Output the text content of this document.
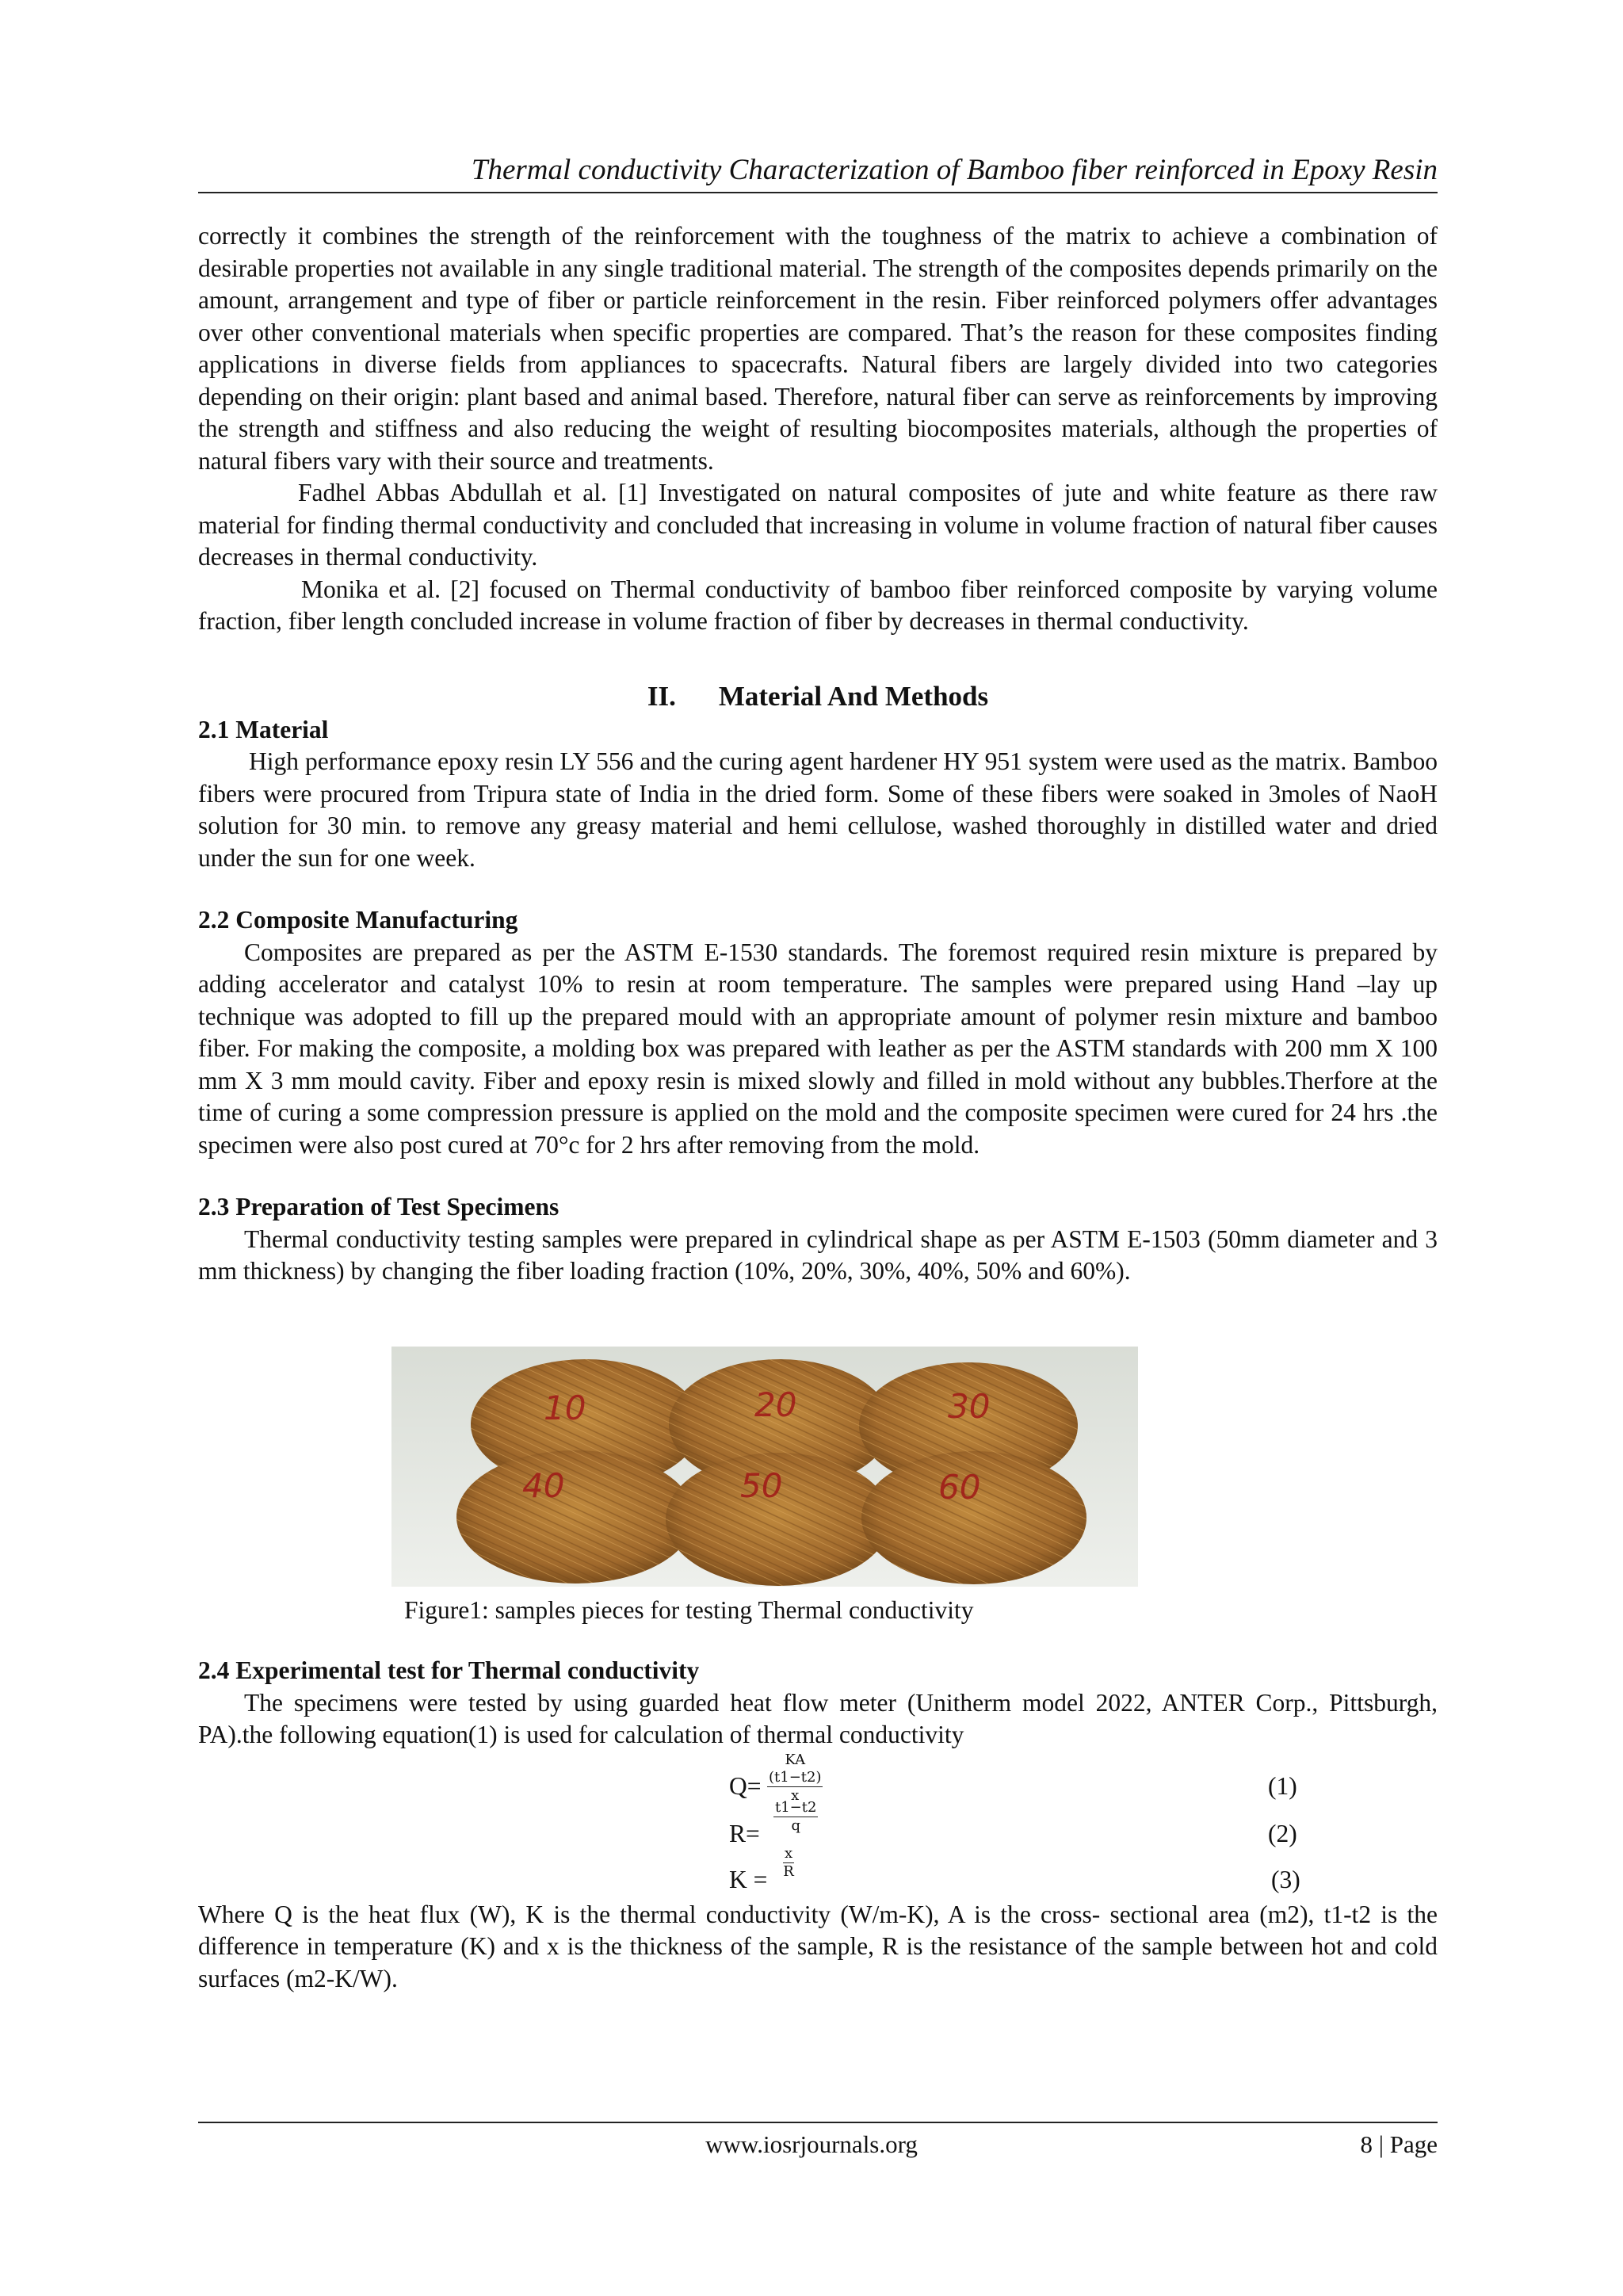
Thermal conductivity Characterization of Bamboo fiber reinforced in Epoxy Resin

correctly it combines the strength of the reinforcement with the toughness of the matrix to achieve a combination of desirable properties not available in any single traditional material. The strength of the composites depends primarily on the amount, arrangement and type of fiber or particle reinforcement in the resin. Fiber reinforced polymers offer advantages over other conventional materials when specific properties are compared. That’s the reason for these composites finding applications in diverse fields from appliances to spacecrafts. Natural fibers are largely divided into two categories depending on their origin: plant based and animal based. Therefore, natural fiber can serve as reinforcements by improving the strength and stiffness and also reducing the weight of resulting biocomposites materials, although the properties of natural fibers vary with their source and treatments.

Fadhel Abbas Abdullah et al. [1] Investigated on natural composites of jute and white feature as there raw material for finding thermal conductivity and concluded that increasing in volume in volume fraction of natural fiber causes decreases in thermal conductivity.

Monika et al. [2] focused on Thermal conductivity of bamboo fiber reinforced composite by varying volume fraction, fiber length concluded increase in volume fraction of fiber by decreases in thermal conductivity.

II. Material And Methods
2.1 Material

High performance epoxy resin LY 556 and the curing agent hardener HY 951 system were used as the matrix. Bamboo fibers were procured from Tripura state of India in the dried form. Some of these fibers were soaked in 3moles of NaoH solution for 30 min. to remove any greasy material and hemi cellulose, washed thoroughly in distilled water and dried under the sun for one week.

2.2 Composite Manufacturing

Composites are prepared as per the ASTM E-1530 standards. The foremost required resin mixture is prepared by adding accelerator and catalyst 10% to resin at room temperature. The samples were prepared using Hand –lay up technique was adopted to fill up the prepared mould with an appropriate amount of polymer resin mixture and bamboo fiber. For making the composite, a molding box was prepared with leather as per the ASTM standards with 200 mm X 100 mm X 3 mm mould cavity. Fiber and epoxy resin is mixed slowly and filled in mold without any bubbles.Therfore at the time of curing a some compression pressure is applied on the mold and the composite specimen were cured for 24 hrs .the specimen were also post cured at 70°c for 2 hrs after removing from the mold.

2.3 Preparation of Test Specimens

Thermal conductivity testing samples were prepared in cylindrical shape as per ASTM E-1503 (50mm diameter and 3 mm thickness) by changing the fiber loading fraction (10%, 20%, 30%, 40%, 50% and 60%).

10	20	30
40	50	60
Figure1: samples pieces for testing Thermal conductivity
2.4 Experimental test for Thermal conductivity

The specimens were tested by using guarded heat flow meter (Unitherm model 2022, ANTER Corp., Pittsburgh, PA).the following equation(1) is used for calculation of thermal conductivity

$Q= \frac{KA (t1-t2)}{x}$	(1)
$R= \frac{t1-t2}{q}$	(2)
$K = \frac{x}{R}$	(3)

Where Q is the heat flux (W), K is the thermal conductivity (W/m-K), A is the cross- sectional area (m2), t1-t2 is the difference in temperature (K) and x is the thickness of the sample, R is the resistance of the sample between hot and cold surfaces (m2-K/W).

www.iosrjournals.org	8 | Page
